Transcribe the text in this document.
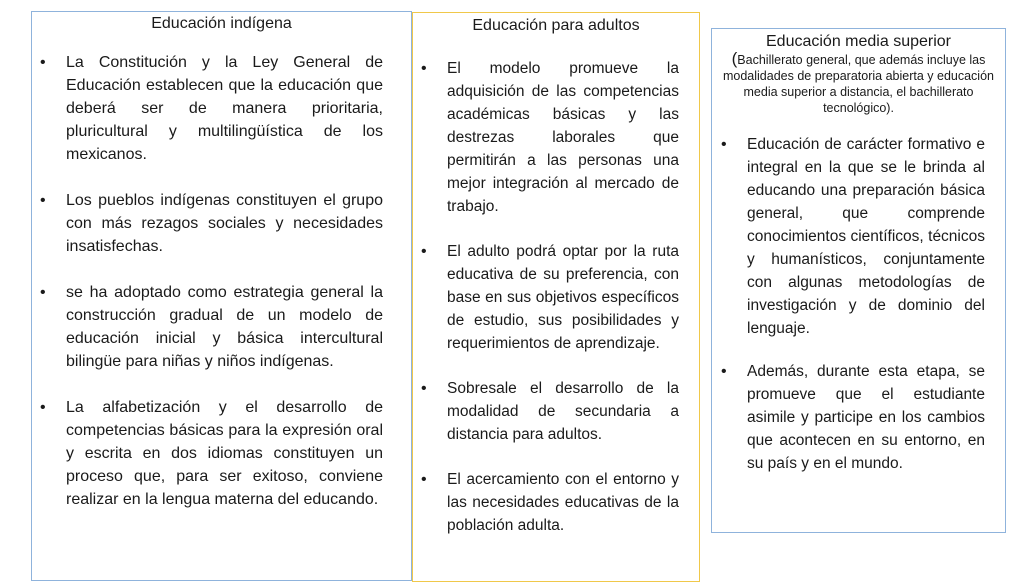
Educación indígena

• La Constitución y la Ley General de Educación establecen que la educación que deberá ser de manera prioritaria, pluricultural y multilingüística de los mexicanos.
• Los pueblos indígenas constituyen el grupo con más rezagos sociales y necesidades insatisfechas.
• se ha adoptado como estrategia general la construcción gradual de un modelo de educación inicial y básica intercultural bilingüe para niñas y niños indígenas.
• La alfabetización y el desarrollo de competencias básicas para la expresión oral y escrita en dos idiomas constituyen un proceso que, para ser exitoso, conviene realizar en la lengua materna del educando.

Educación para adultos

• El modelo promueve la adquisición de las competencias académicas básicas y las destrezas laborales que permitirán a las personas una mejor integración al mercado de trabajo.
• El adulto podrá optar por la ruta educativa de su preferencia, con base en sus objetivos específicos de estudio, sus posibilidades y requerimientos de aprendizaje.
• Sobresale el desarrollo de la modalidad de secundaria a distancia para adultos.
• El acercamiento con el entorno y las necesidades educativas de la población adulta.

Educación media superior

(Bachillerato general, que además incluye las modalidades de preparatoria abierta y educación media superior a distancia, el bachillerato tecnológico).

• Educación de carácter formativo e integral en la que se le brinda al educando una preparación básica general, que comprende conocimientos científicos, técnicos y humanísticos, conjuntamente con algunas metodologías de investigación y de dominio del lenguaje.
• Además, durante esta etapa, se promueve que el estudiante asimile y participe en los cambios que acontecen en su entorno, en su país y en el mundo.
